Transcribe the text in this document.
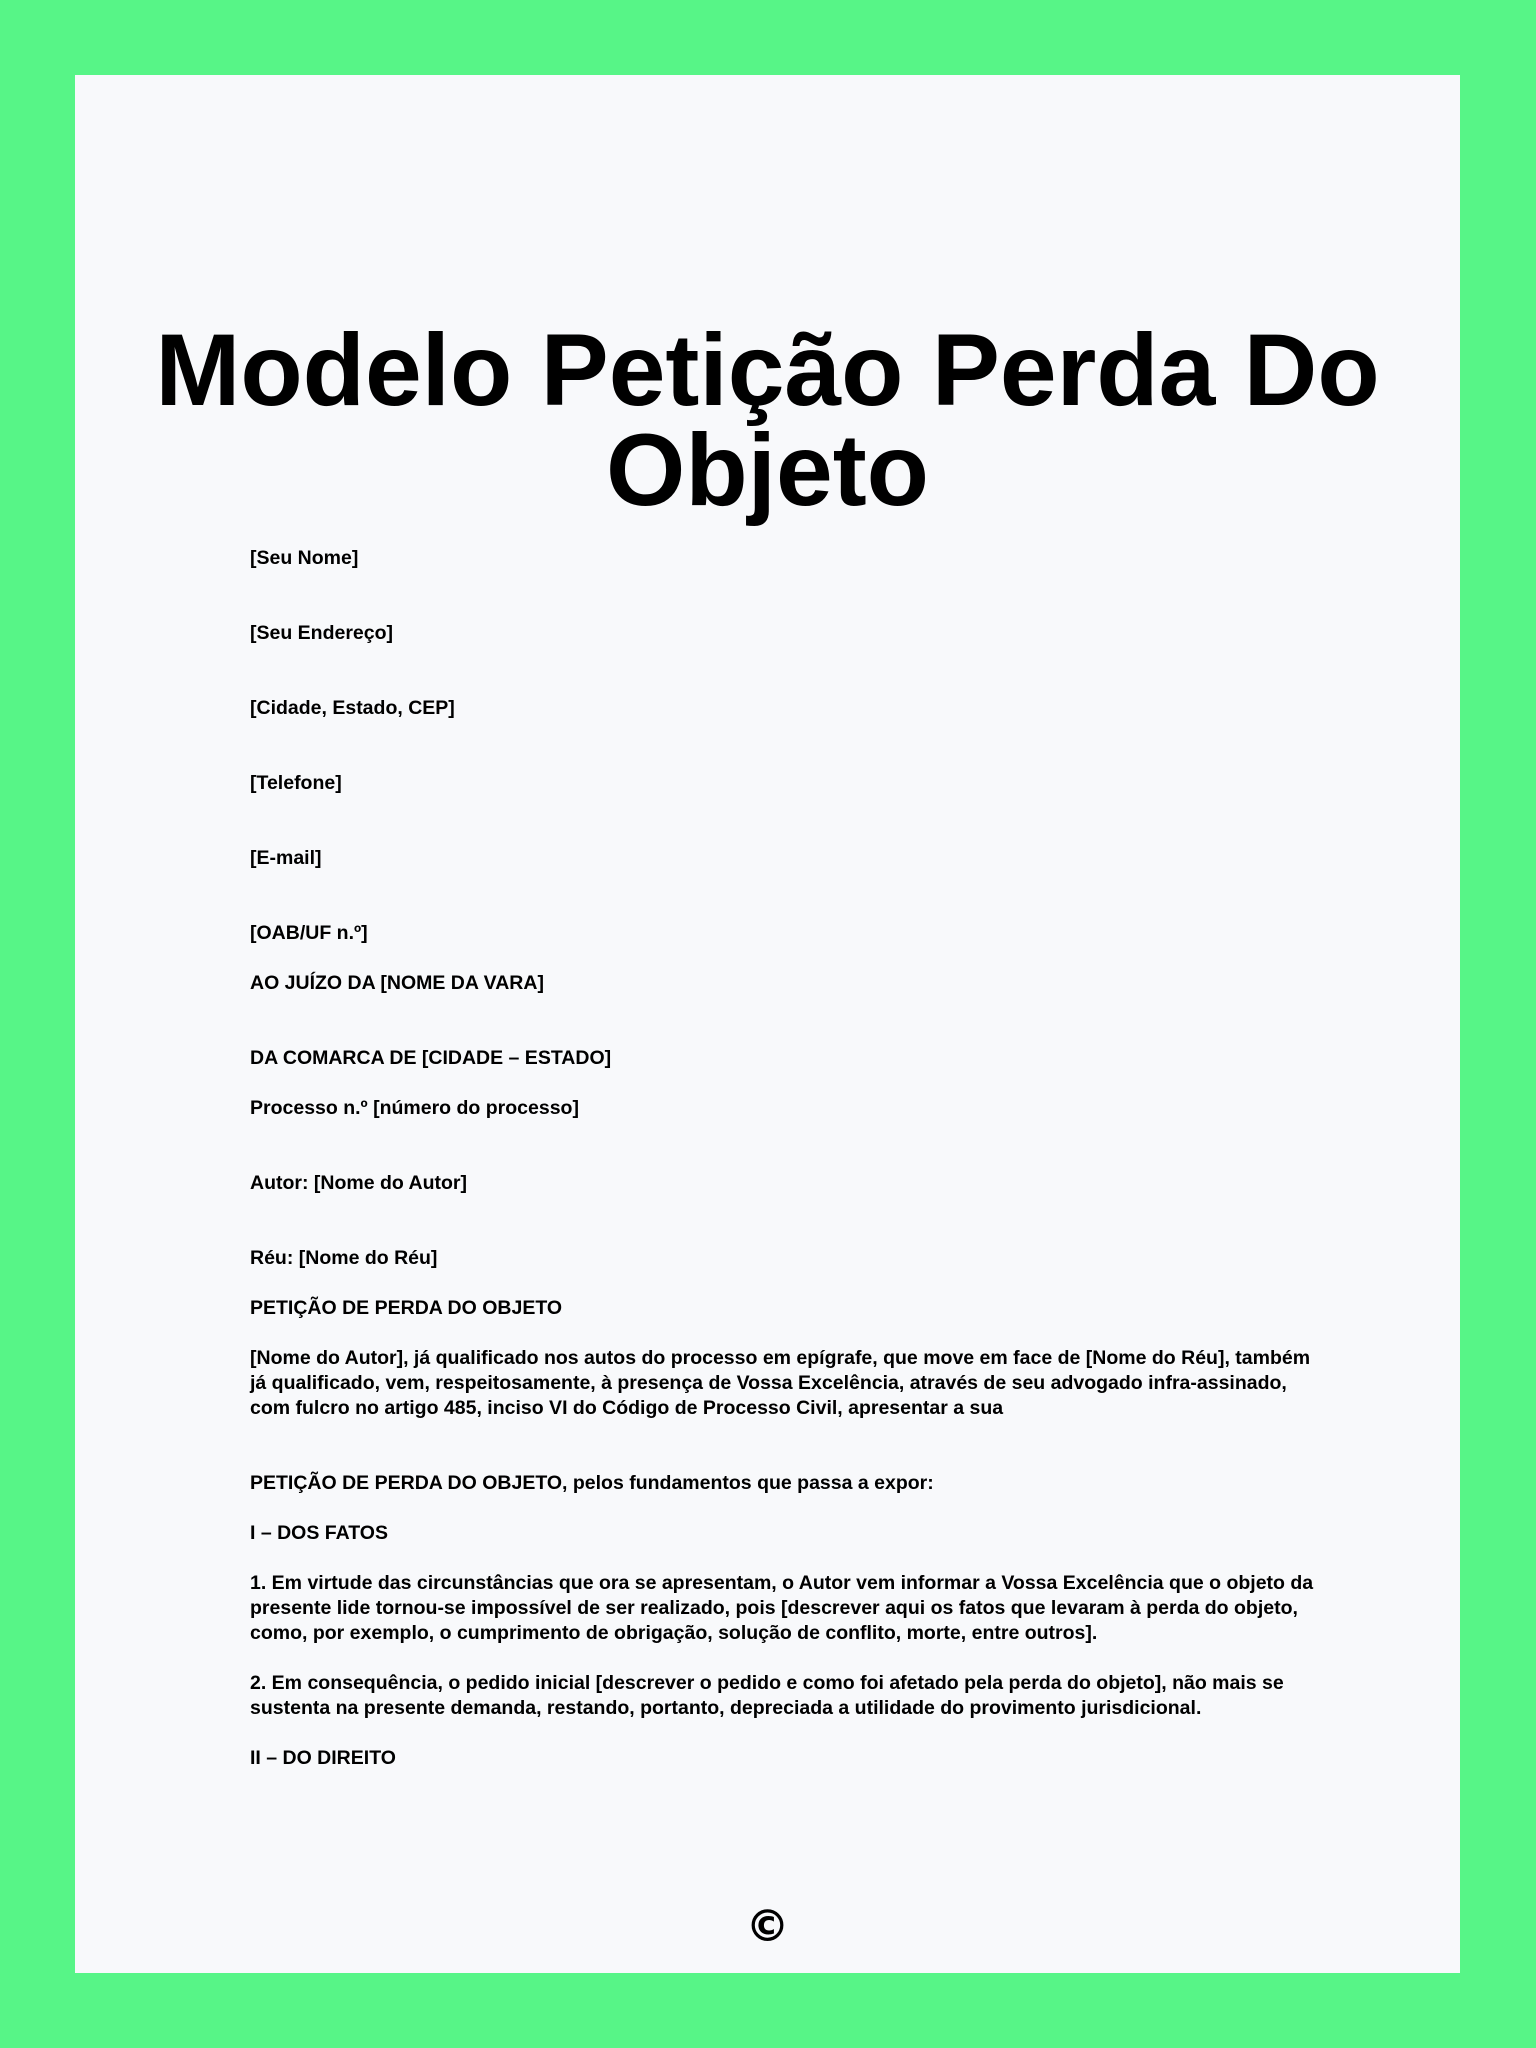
Modelo Petição Perda Do Objeto

[Seu Nome]

[Seu Endereço]

[Cidade, Estado, CEP]

[Telefone]

[E-mail]

[OAB/UF n.º]

AO JUÍZO DA [NOME DA VARA]

DA COMARCA DE [CIDADE – ESTADO]

Processo n.º [número do processo]

Autor: [Nome do Autor]

Réu: [Nome do Réu]

PETIÇÃO DE PERDA DO OBJETO

[Nome do Autor], já qualificado nos autos do processo em epígrafe, que move em face de [Nome do Réu], também já qualificado, vem, respeitosamente, à presença de Vossa Excelência, através de seu advogado infra-assinado, com fulcro no artigo 485, inciso VI do Código de Processo Civil, apresentar a sua

PETIÇÃO DE PERDA DO OBJETO, pelos fundamentos que passa a expor:

I – DOS FATOS

1. Em virtude das circunstâncias que ora se apresentam, o Autor vem informar a Vossa Excelência que o objeto da presente lide tornou-se impossível de ser realizado, pois [descrever aqui os fatos que levaram à perda do objeto, como, por exemplo, o cumprimento de obrigação, solução de conflito, morte, entre outros].

2. Em consequência, o pedido inicial [descrever o pedido e como foi afetado pela perda do objeto], não mais se sustenta na presente demanda, restando, portanto, depreciada a utilidade do provimento jurisdicional.

II – DO DIREITO

©
